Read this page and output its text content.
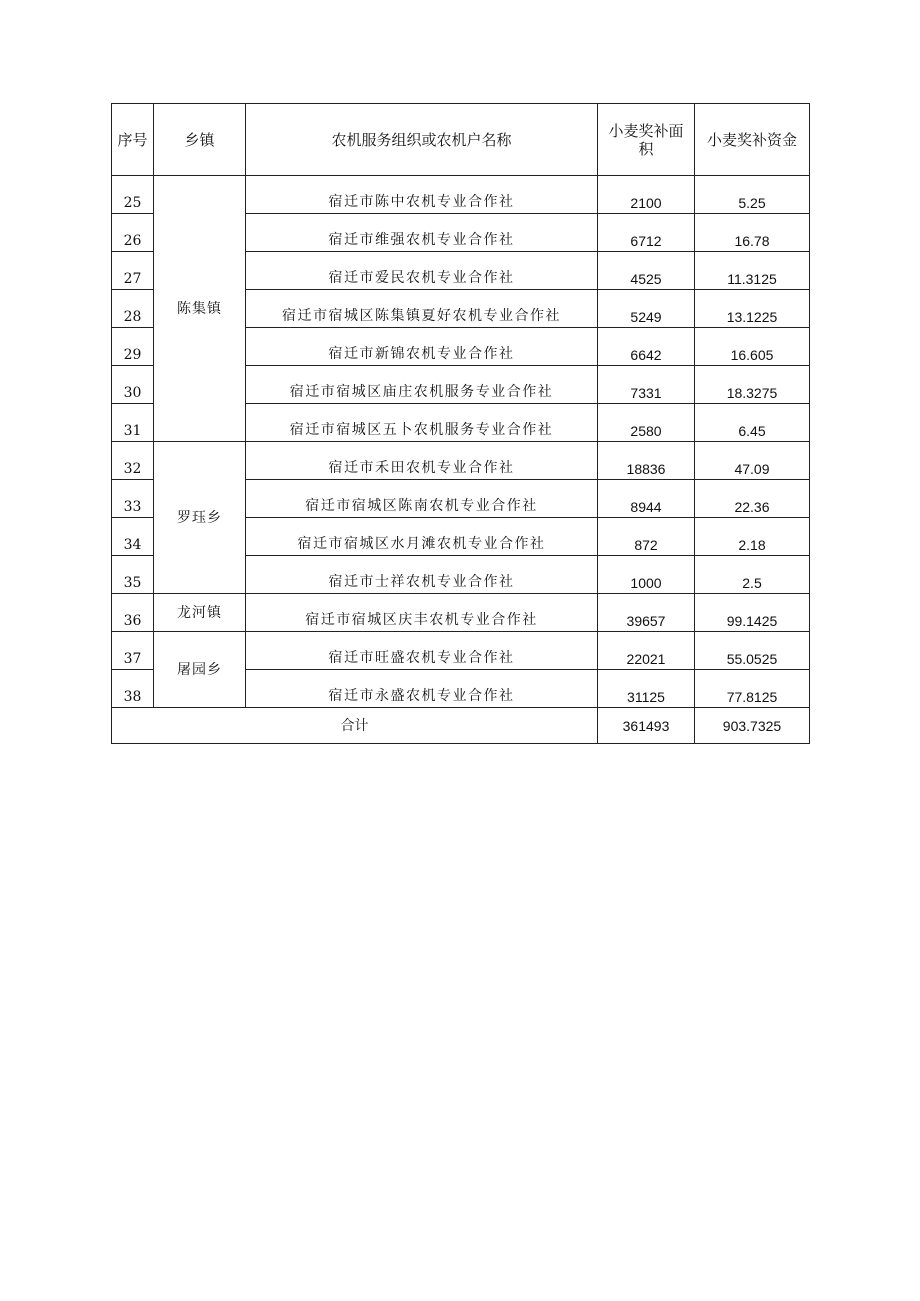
序号	乡镇	农机服务组织或农机户名称	小麦奖补面积	小麦奖补资金
25	陈集镇	宿迁市陈中农机专业合作社	2100	5.25
26		宿迁市维强农机专业合作社	6712	16.78
27		宿迁市爱民农机专业合作社	4525	11.3125
28		宿迁市宿城区陈集镇夏好农机专业合作社	5249	13.1225
29		宿迁市新锦农机专业合作社	6642	16.605
30		宿迁市宿城区庙庄农机服务专业合作社	7331	18.3275
31		宿迁市宿城区五卜农机服务专业合作社	2580	6.45
32	罗珏乡	宿迁市禾田农机专业合作社	18836	47.09
33		宿迁市宿城区陈南农机专业合作社	8944	22.36
34		宿迁市宿城区水月滩农机专业合作社	872	2.18
35		宿迁市士祥农机专业合作社	1000	2.5
36	龙河镇	宿迁市宿城区庆丰农机专业合作社	39657	99.1425
37	屠园乡	宿迁市旺盛农机专业合作社	22021	55.0525
38		宿迁市永盛农机专业合作社	31125	77.8125
合计			361493	903.7325
